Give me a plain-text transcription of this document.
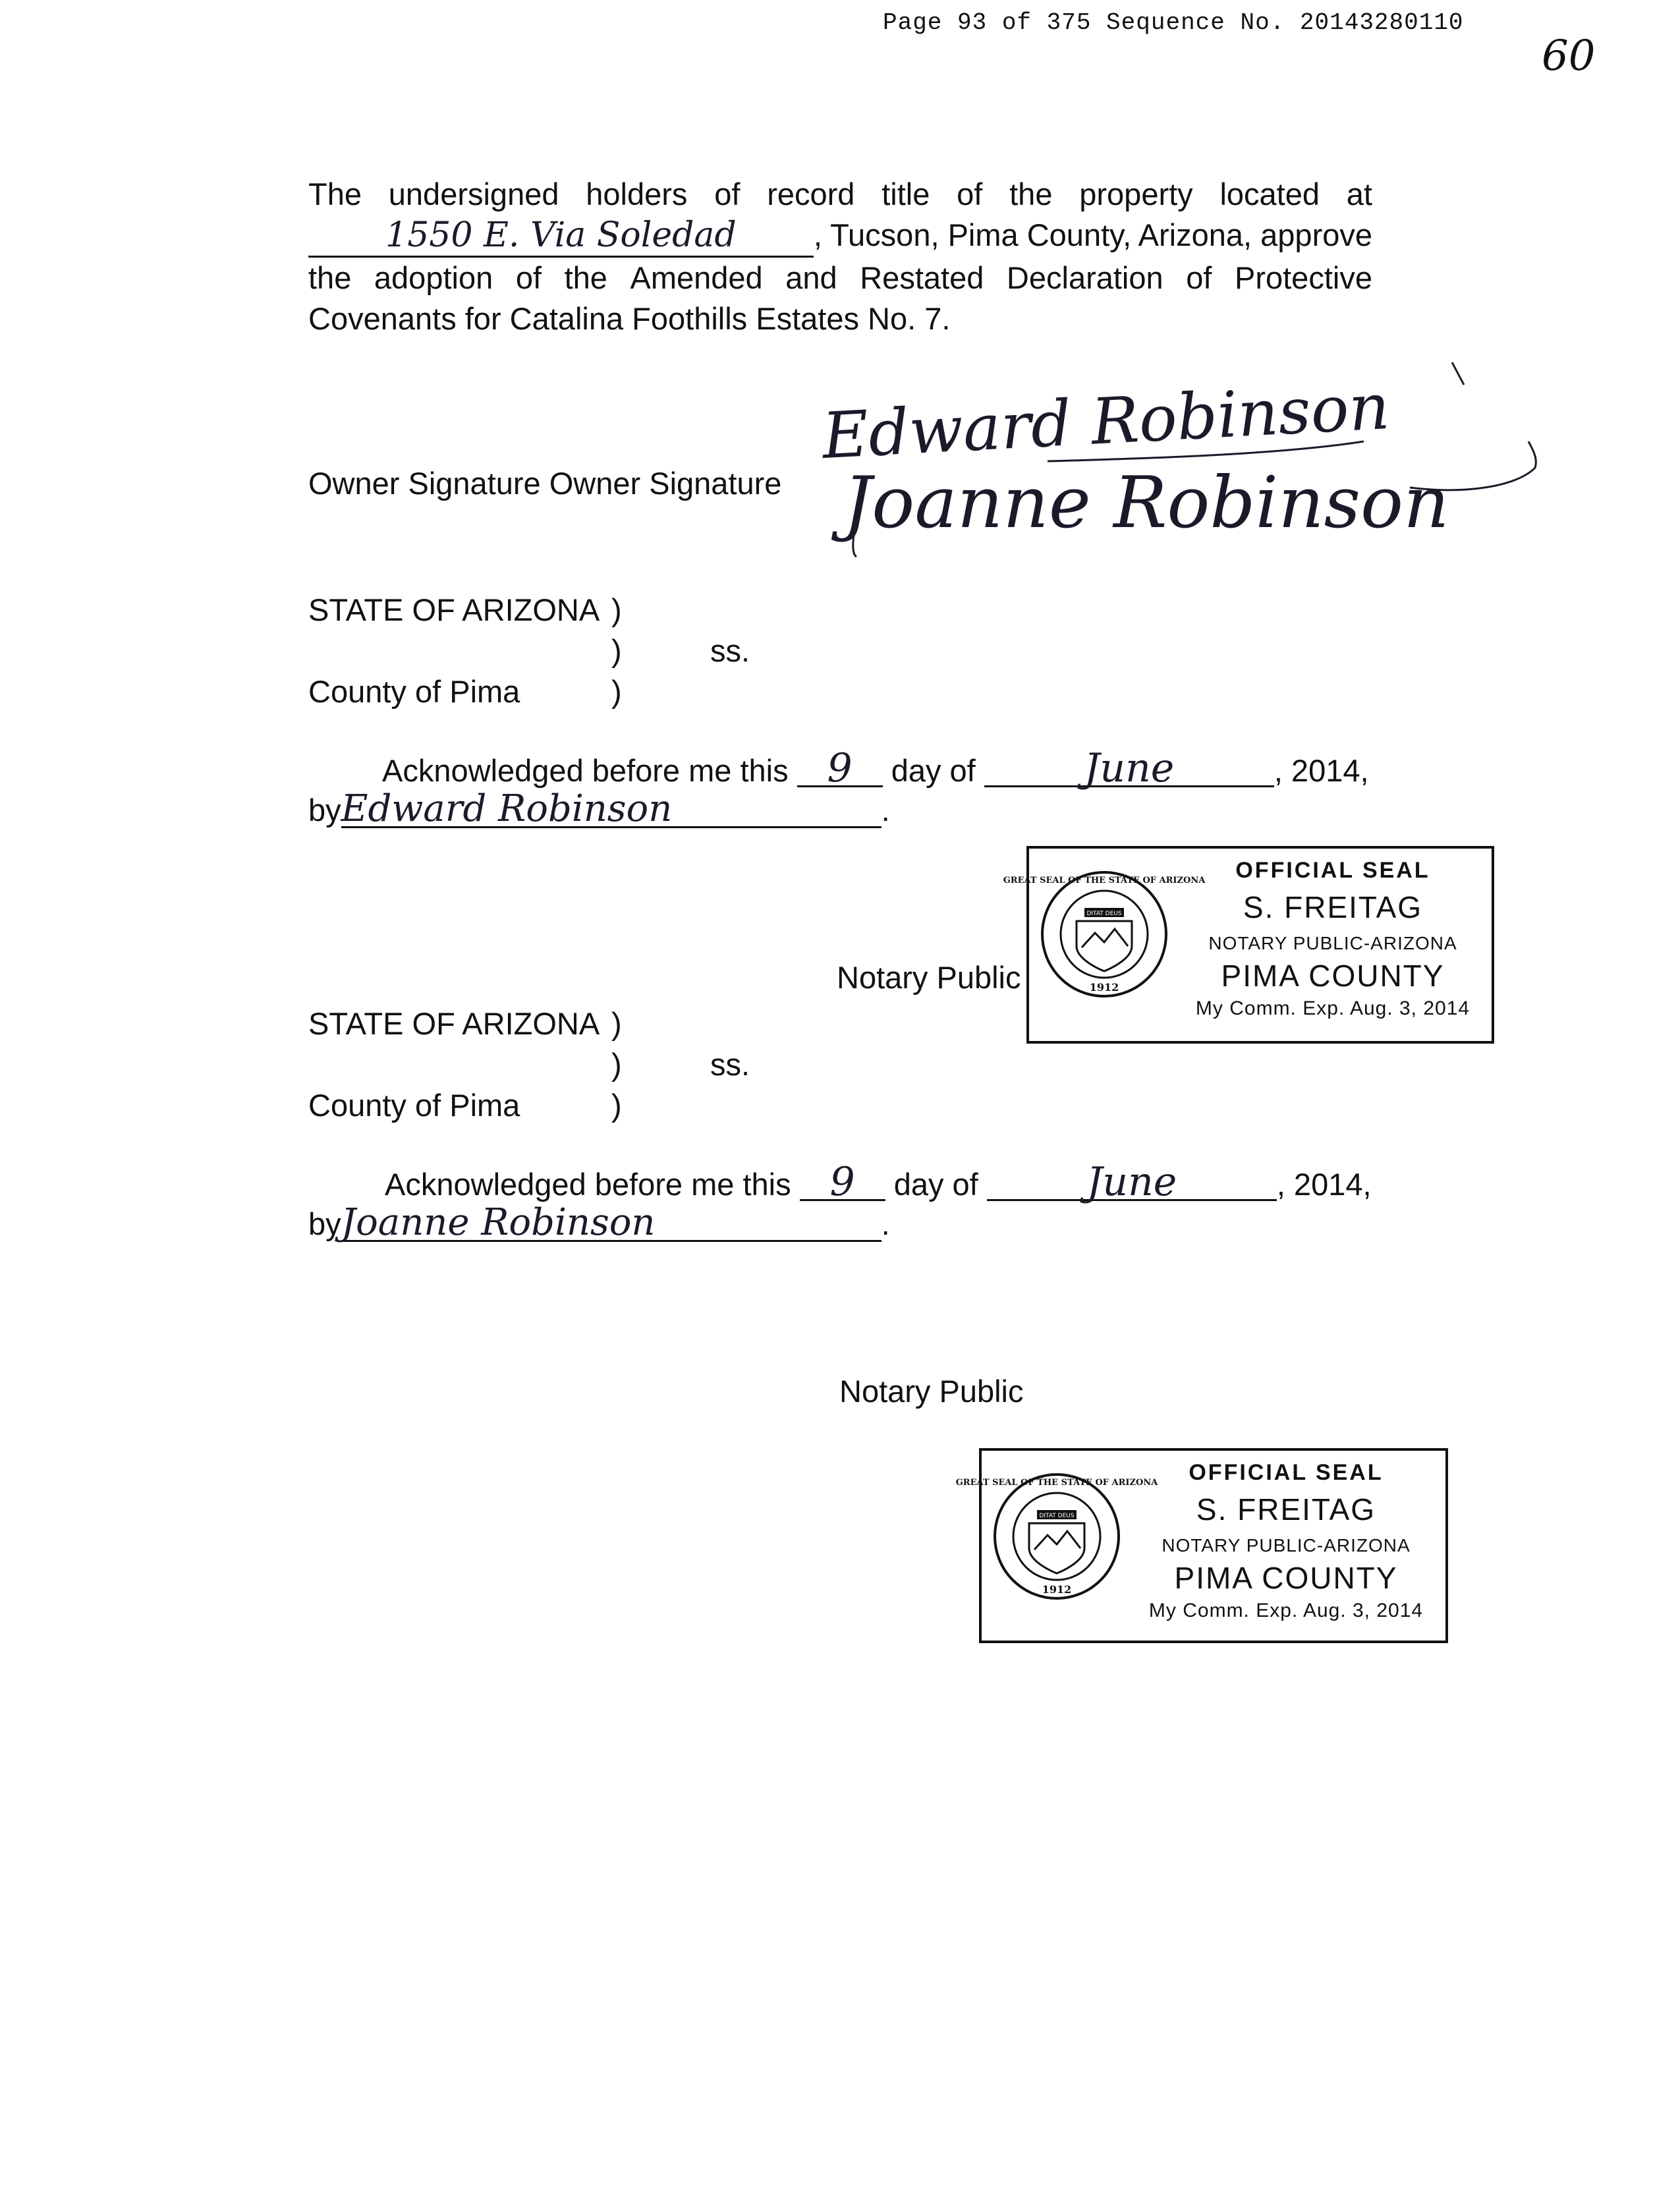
Page 93 of 375 Sequence No. 20143280110
60
The undersigned holders of record title of the property located at
1550 E. Via Soledad	, Tucson, Pima County, Arizona, approve
the adoption of the Amended and Restated Declaration of Protective
Covenants for Catalina Foothills Estates No. 7.
Owner Signature Owner Signature
Edward Robinson
Joanne Robinson
STATE OF ARIZONA )
)	ss.
County of Pima	)
Acknowledged before me this 9 day of	June	, 2014,
byEdward Robinson	.
Notary Public
GREAT SEAL OF THE STATE OF ARIZONA
DITAT DEUS
1912
OFFICIAL SEAL
S. FREITAG
NOTARY PUBLIC-ARIZONA
PIMA COUNTY
My Comm. Exp. Aug. 3, 2014
STATE OF ARIZONA )
)	ss.
County of Pima	)
Acknowledged before me this 9 day of	June	, 2014,
byJoanne Robinson	.
Notary Public
GREAT SEAL OF THE STATE OF ARIZONA
DITAT DEUS
1912
OFFICIAL SEAL
S. FREITAG
NOTARY PUBLIC-ARIZONA
PIMA COUNTY
My Comm. Exp. Aug. 3, 2014
